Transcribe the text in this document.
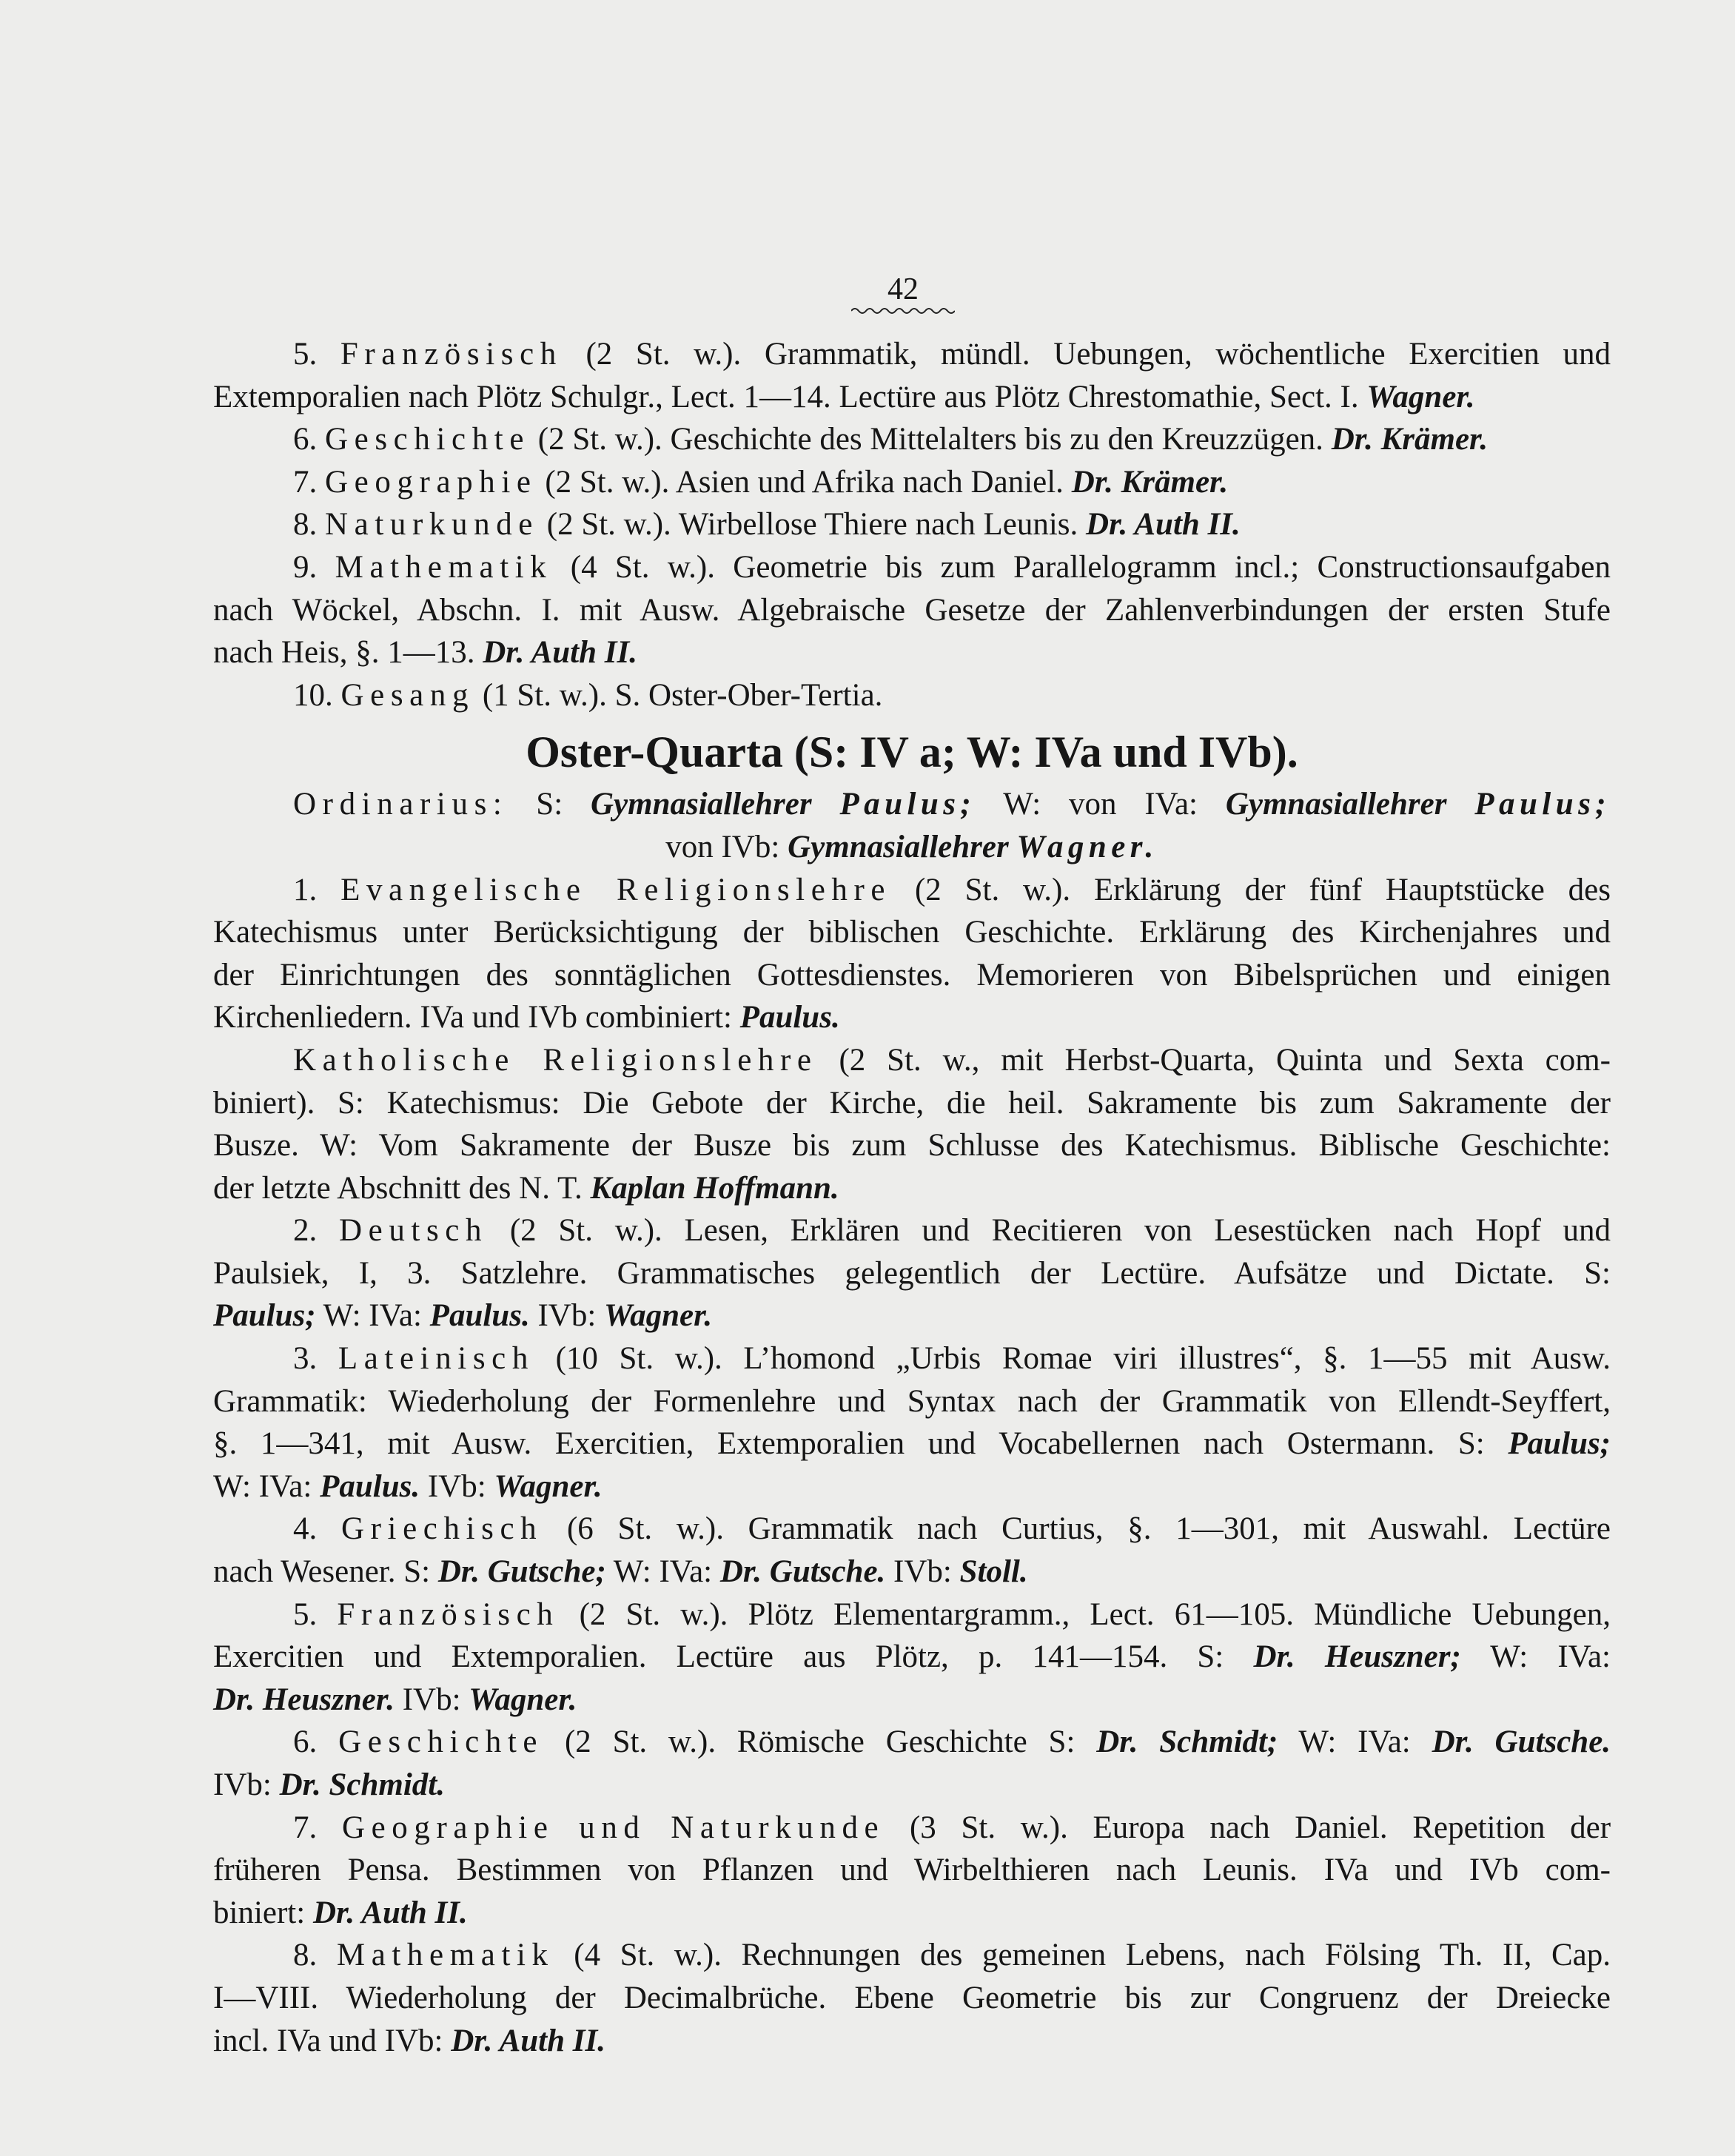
42
5. Französisch (2 St. w.). Grammatik, mündl. Uebungen, wöchentliche Exercitien und
Extemporalien nach Plötz Schulgr., Lect. 1—14. Lectüre aus Plötz Chrestomathie, Sect. I. Wagner.
6. Geschichte (2 St. w.). Geschichte des Mittelalters bis zu den Kreuzzügen. Dr. Krämer.
7. Geographie (2 St. w.). Asien und Afrika nach Daniel. Dr. Krämer.
8. Naturkunde (2 St. w.). Wirbellose Thiere nach Leunis. Dr. Auth II.
9. Mathematik (4 St. w.). Geometrie bis zum Parallelogramm incl.; Constructionsaufgaben
nach Wöckel, Abschn. I. mit Ausw. Algebraische Gesetze der Zahlenverbindungen der ersten Stufe
nach Heis, §. 1—13. Dr. Auth II.
10. Gesang (1 St. w.). S. Oster-Ober-Tertia.
Oster-Quarta (S: IV a; W: IVa und IVb).
Ordinarius: S: Gymnasiallehrer Paulus; W: von IVa: Gymnasiallehrer Paulus;
von IVb: Gymnasiallehrer Wagner.
1. Evangelische Religionslehre (2 St. w.). Erklärung der fünf Hauptstücke des
Katechismus unter Berücksichtigung der biblischen Geschichte. Erklärung des Kirchenjahres und
der Einrichtungen des sonntäglichen Gottesdienstes. Memorieren von Bibelsprüchen und einigen
Kirchenliedern. IVa und IVb combiniert: Paulus.
Katholische Religionslehre (2 St. w., mit Herbst-Quarta, Quinta und Sexta com-
biniert). S: Katechismus: Die Gebote der Kirche, die heil. Sakramente bis zum Sakramente der
Busze. W: Vom Sakramente der Busze bis zum Schlusse des Katechismus. Biblische Geschichte:
der letzte Abschnitt des N. T. Kaplan Hoffmann.
2. Deutsch (2 St. w.). Lesen, Erklären und Recitieren von Lesestücken nach Hopf und
Paulsiek, I, 3. Satzlehre. Grammatisches gelegentlich der Lectüre. Aufsätze und Dictate. S:
Paulus; W: IVa: Paulus. IVb: Wagner.
3. Lateinisch (10 St. w.). L’homond „Urbis Romae viri illustres“, §. 1—55 mit Ausw.
Grammatik: Wiederholung der Formenlehre und Syntax nach der Grammatik von Ellendt-Seyffert,
§. 1—341, mit Ausw. Exercitien, Extemporalien und Vocabellernen nach Ostermann. S: Paulus;
W: IVa: Paulus. IVb: Wagner.
4. Griechisch (6 St. w.). Grammatik nach Curtius, §. 1—301, mit Auswahl. Lectüre
nach Wesener. S: Dr. Gutsche; W: IVa: Dr. Gutsche. IVb: Stoll.
5. Französisch (2 St. w.). Plötz Elementargramm., Lect. 61—105. Mündliche Uebungen,
Exercitien und Extemporalien. Lectüre aus Plötz, p. 141—154. S: Dr. Heuszner; W: IVa:
Dr. Heuszner. IVb: Wagner.
6. Geschichte (2 St. w.). Römische Geschichte S: Dr. Schmidt; W: IVa: Dr. Gutsche.
IVb: Dr. Schmidt.
7. Geographie und Naturkunde (3 St. w.). Europa nach Daniel. Repetition der
früheren Pensa. Bestimmen von Pflanzen und Wirbelthieren nach Leunis. IVa und IVb com-
biniert: Dr. Auth II.
8. Mathematik (4 St. w.). Rechnungen des gemeinen Lebens, nach Fölsing Th. II, Cap.
I—VIII. Wiederholung der Decimalbrüche. Ebene Geometrie bis zur Congruenz der Dreiecke
incl. IVa und IVb: Dr. Auth II.
